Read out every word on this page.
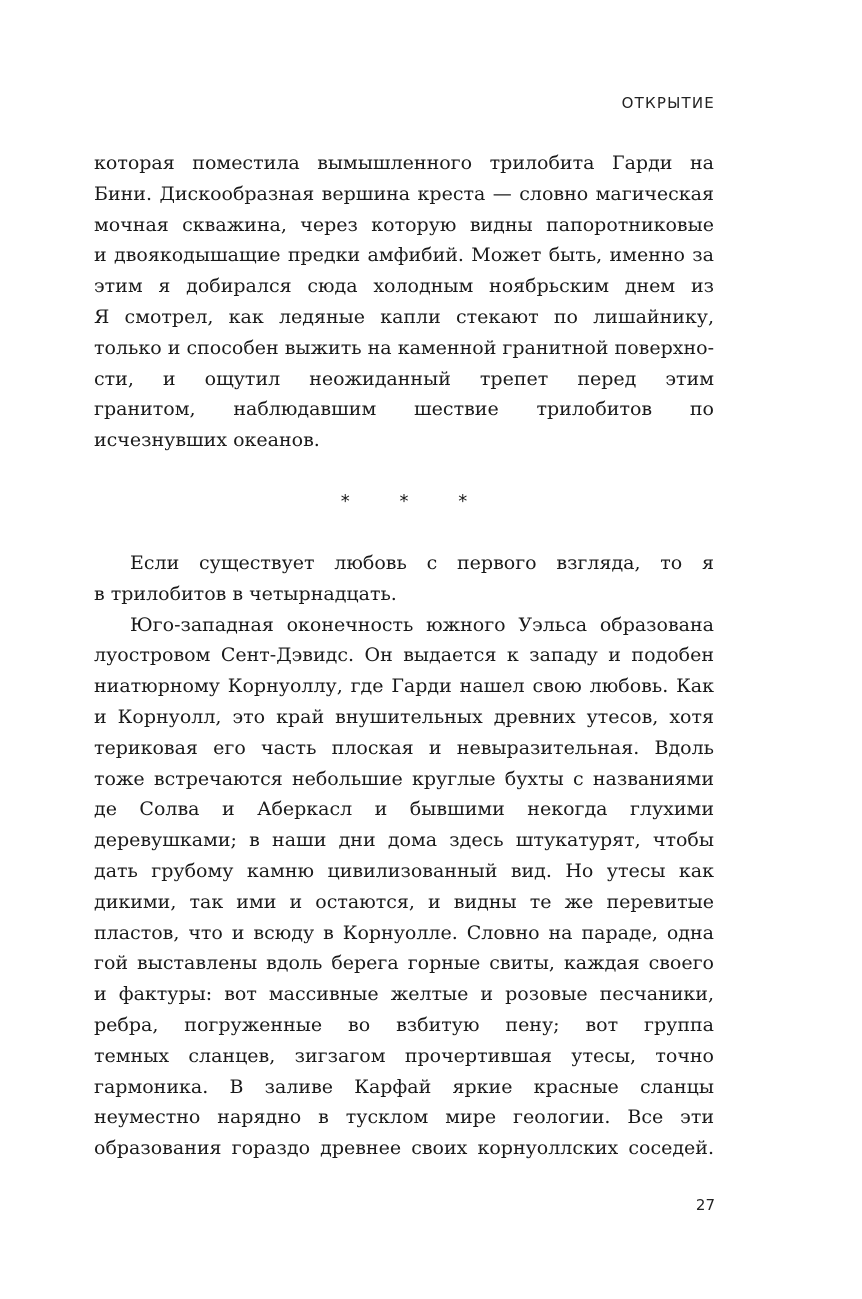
ОТКРЫТИЕ
которая поместила вымышленного трилобита Гарди на
Бини. Дискообразная вершина креста — словно магическая
мочная скважина, через которую видны папоротниковые
и двоякодышащие предки амфибий. Может быть, именно за
этим я добирался сюда холодным ноябрьским днем из
Я смотрел, как ледяные капли стекают по лишайнику,
только и способен выжить на каменной гранитной поверхно-
сти, и ощутил неожиданный трепет перед этим
гранитом, наблюдавшим шествие трилобитов по
исчезнувших океанов.
* * *
Если существует любовь с первого взгляда, то я
в трилобитов в четырнадцать.
Юго-западная оконечность южного Уэльса образована
луостровом Сент-Дэвидс. Он выдается к западу и подобен
ниатюрному Корнуоллу, где Гарди нашел свою любовь. Как
и Корнуолл, это край внушительных древних утесов, хотя
териковая его часть плоская и невыразительная. Вдоль
тоже встречаются небольшие круглые бухты с названиями
де Солва и Аберкасл и бывшими некогда глухими
деревушками; в наши дни дома здесь штукатурят, чтобы
дать грубому камню цивилизованный вид. Но утесы как
дикими, так ими и остаются, и видны те же перевитые
пластов, что и всюду в Корнуолле. Словно на параде, одна
гой выставлены вдоль берега горные свиты, каждая своего
и фактуры: вот массивные желтые и розовые песчаники,
ребра, погруженные во взбитую пену; вот группа
темных сланцев, зигзагом прочертившая утесы, точно
гармоника. В заливе Карфай яркие красные сланцы
неуместно нарядно в тусклом мире геологии. Все эти
образования гораздо древнее своих корнуоллских соседей.
27
